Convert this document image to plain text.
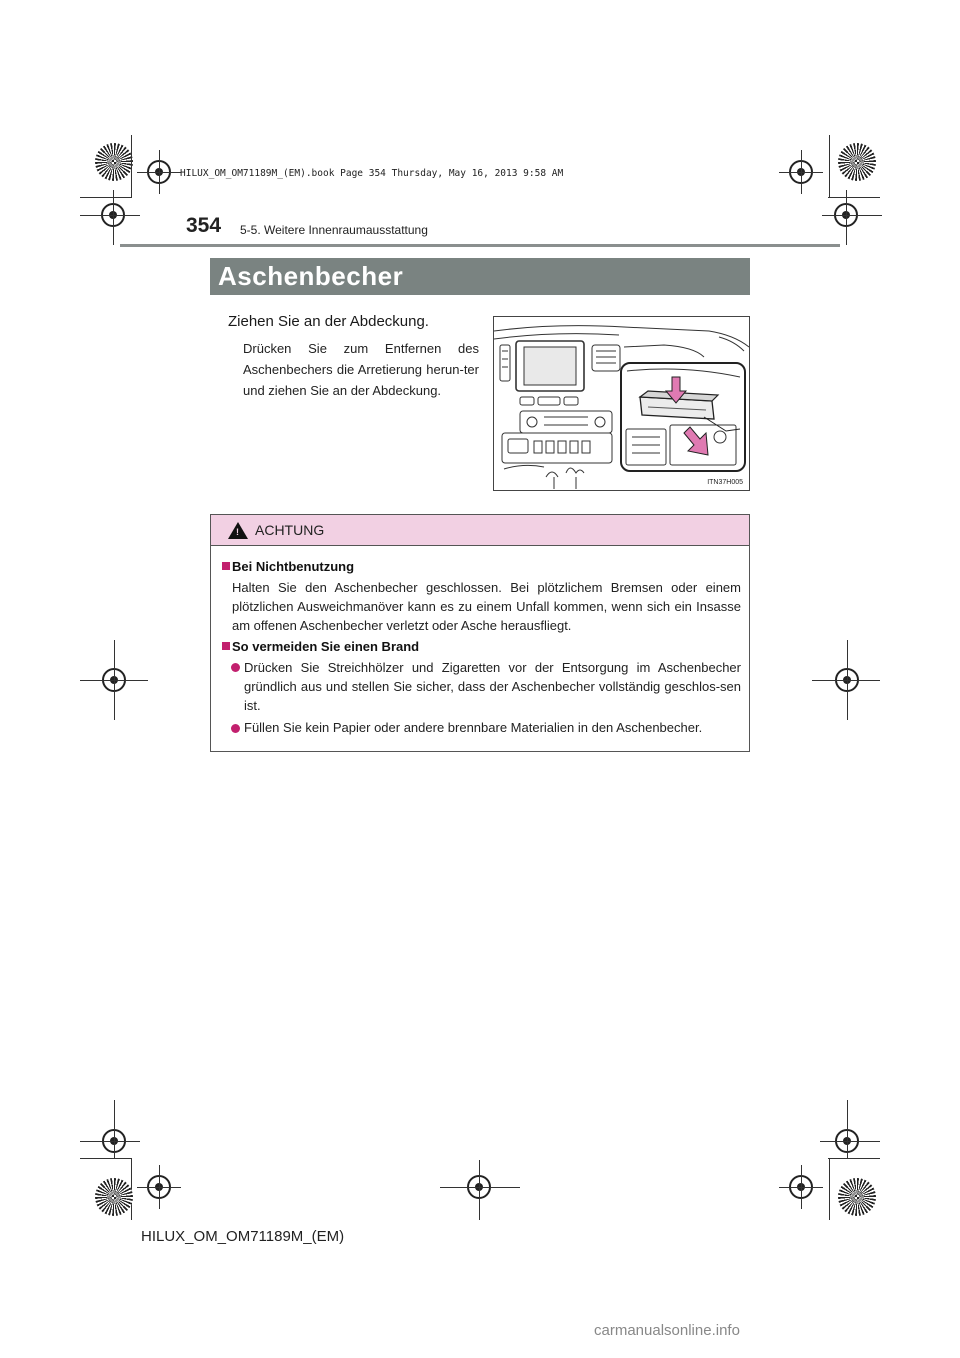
HILUX_OM_OM71189M_(EM).book Page 354 Thursday, May 16, 2013 9:58 AM
354 5-5. Weitere Innenraumausstattung
Aschenbecher
Ziehen Sie an der Abdeckung.
Drücken Sie zum Entfernen des Aschenbechers die Arretierung herun-ter und ziehen Sie an der Abdeckung.
ITN37H005
! ACHTUNG
Bei Nichtbenutzung
Halten Sie den Aschenbecher geschlossen. Bei plötzlichem Bremsen oder einem plötzlichen Ausweichmanöver kann es zu einem Unfall kommen, wenn sich ein Insasse am offenen Aschenbecher verletzt oder Asche herausfliegt.
So vermeiden Sie einen Brand
Drücken Sie Streichhölzer und Zigaretten vor der Entsorgung im Aschenbecher gründlich aus und stellen Sie sicher, dass der Aschenbecher vollständig geschlos-sen ist.
Füllen Sie kein Papier oder andere brennbare Materialien in den Aschenbecher.
HILUX_OM_OM71189M_(EM)
carmanualsonline.info
